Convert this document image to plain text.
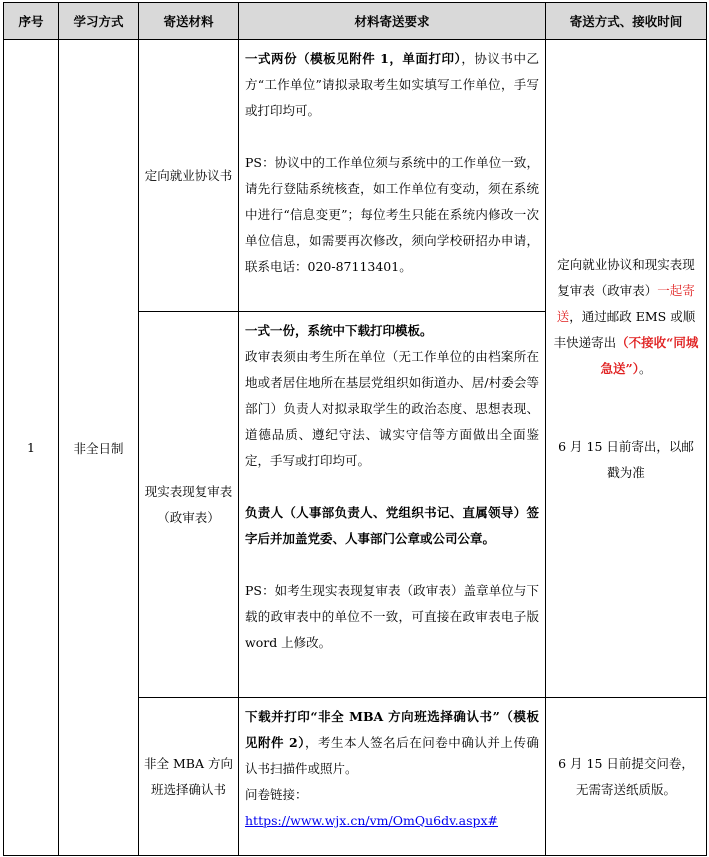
序号	学习方式	寄送材料	材料寄送要求	寄送方式、接收时间
1	非全日制	定向就业协议书	一式两份（模板见附件 1，单面打印），协议书中乙方“工作单位”请拟录取考生如实填写工作单位，手写或打印均可。
PS：协议中的工作单位须与系统中的工作单位一致，请先行登陆系统核查，如工作单位有变动，须在系统中进行“信息变更”；每位考生只能在系统内修改一次单位信息，如需要再次修改，须向学校研招办申请，联系电话：020-87113401。	定向就业协议和现实表现复审表（政审表）一起寄送，通过邮政 EMS 或顺丰快递寄出（不接收“同城急送”）。
6 月 15 日前寄出，以邮戳为准

		现实表现复审表（政审表）	一式一份，系统中下载打印模板。
政审表须由考生所在单位（无工作单位的由档案所在地或者居住地所在基层党组织如街道办、居/村委会等部门）负责人对拟录取学生的政治态度、思想表现、道德品质、遵纪守法、诚实守信等方面做出全面鉴定，手写或打印均可。
负责人（人事部负责人、党组织书记、直属领导）签字后并加盖党委、人事部门公章或公司公章。
PS：如考生现实表现复审表（政审表）盖章单位与下载的政审表中的单位不一致，可直接在政审表电子版 word 上修改。	

		非全 MBA 方向班选择确认书	下载并打印“非全 MBA 方向班选择确认书”（模板见附件 2），考生本人签名后在问卷中确认并上传确认书扫描件或照片。
问卷链接：
https://www.wjx.cn/vm/OmQu6dv.aspx#	6 月 15 日前提交问卷，无需寄送纸质版。
